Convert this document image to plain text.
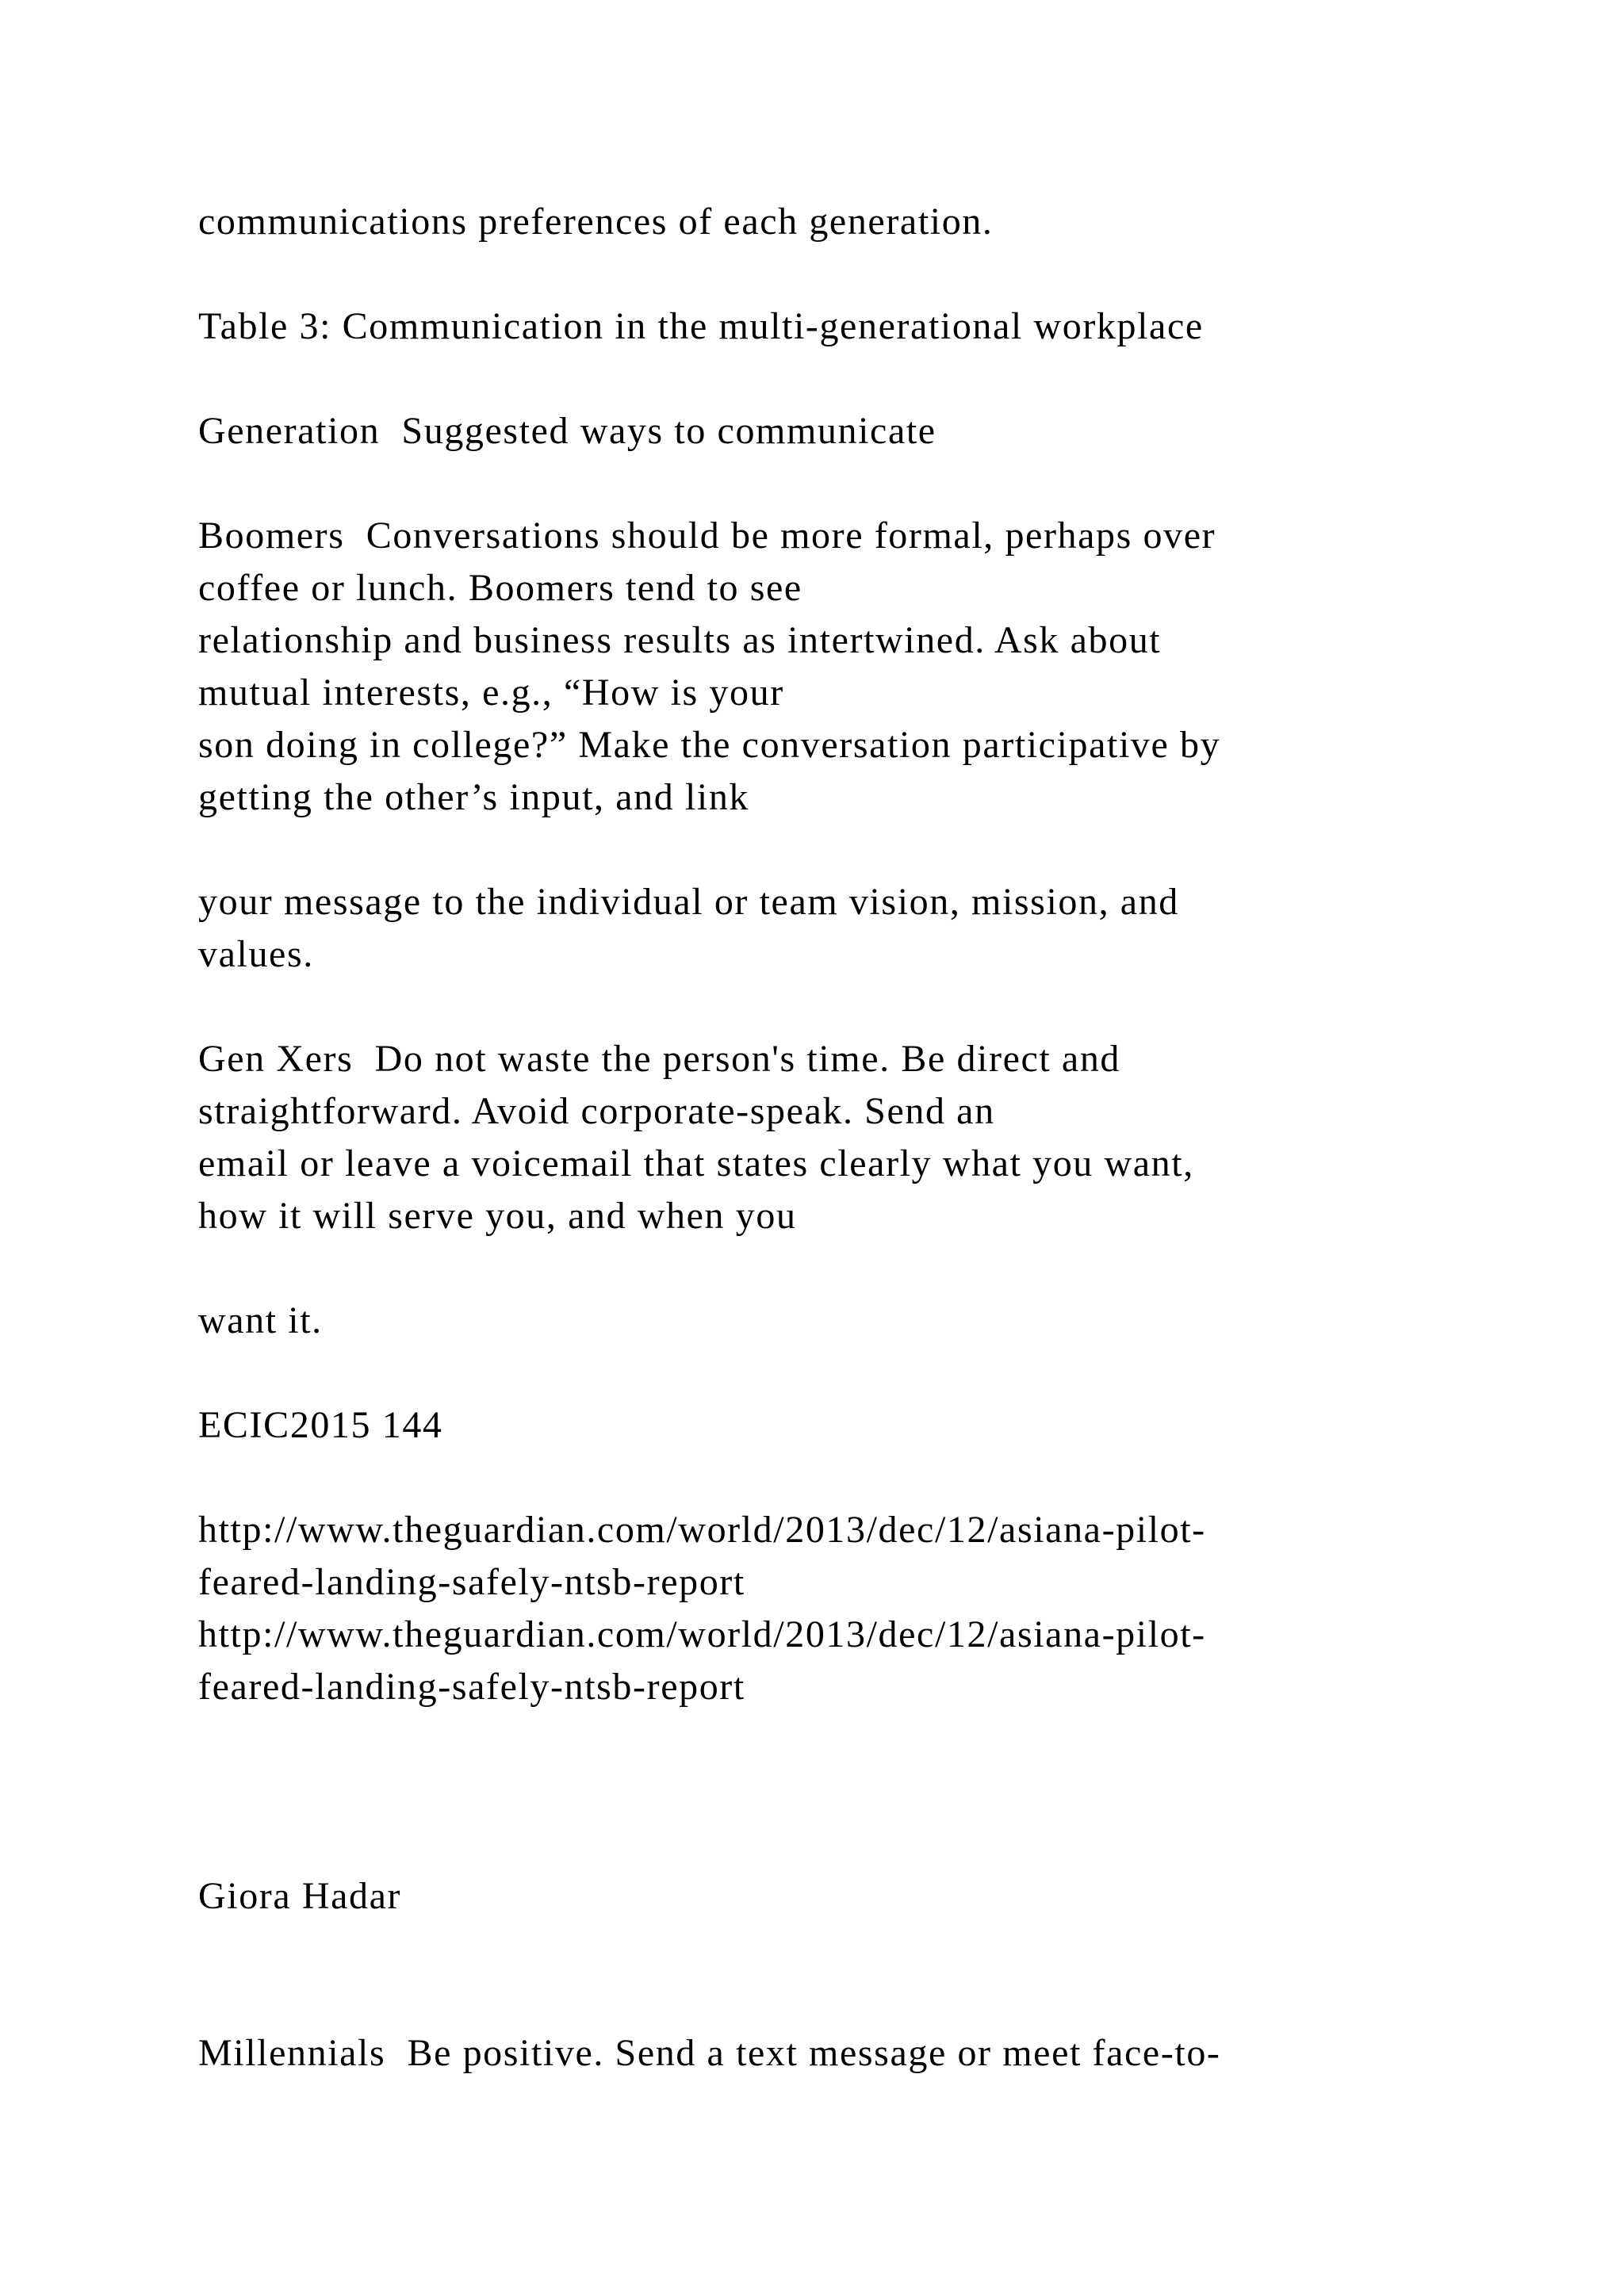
communications preferences of each generation.

Table 3: Communication in the multi-generational workplace

Generation  Suggested ways to communicate

Boomers  Conversations should be more formal, perhaps over

coffee or lunch. Boomers tend to see

relationship and business results as intertwined. Ask about

mutual interests, e.g., “How is your

son doing in college?” Make the conversation participative by

getting the other’s input, and link

your message to the individual or team vision, mission, and

values.

Gen Xers  Do not waste the person's time. Be direct and

straightforward. Avoid corporate-speak. Send an

email or leave a voicemail that states clearly what you want,

how it will serve you, and when you

want it.

ECIC2015 144

http://www.theguardian.com/world/2013/dec/12/asiana-pilot-

feared-landing-safely-ntsb-report

http://www.theguardian.com/world/2013/dec/12/asiana-pilot-

feared-landing-safely-ntsb-report

Giora Hadar

Millennials  Be positive. Send a text message or meet face-to-
